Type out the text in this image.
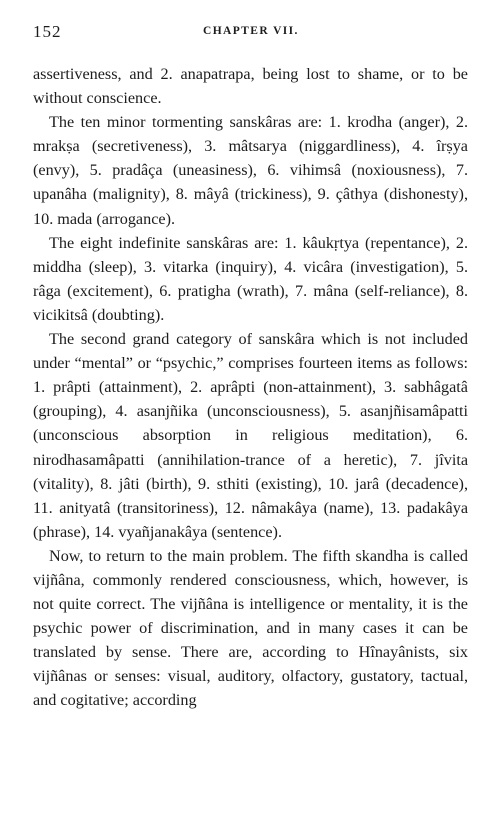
152	CHAPTER VII.

assertiveness, and 2. anapatrapa, being lost to shame, or to be without conscience.

The ten minor tormenting sanskâras are: 1. krodha (anger), 2. mrakṣa (secretiveness), 3. mâtsarya (niggardliness), 4. îrṣya (envy), 5. pradâça (uneasiness), 6. vihimsâ (noxiousness), 7. upanâha (malignity), 8. mâyâ (trickiness), 9. çâthya (dishonesty), 10. mada (arrogance).

The eight indefinite sanskâras are: 1. kâukṛtya (repentance), 2. middha (sleep), 3. vitarka (inquiry), 4. vicâra (investigation), 5. râga (excitement), 6. pratigha (wrath), 7. mâna (self-reliance), 8. vicikitsâ (doubting).

The second grand category of sanskâra which is not included under “mental” or “psychic,” comprises fourteen items as follows: 1. prâpti (attainment), 2. aprâpti (non-attainment), 3. sabhâgatâ (grouping), 4. asanjñika (unconsciousness), 5. asanjñisamâpatti (unconscious absorption in religious meditation), 6. nirodhasamâpatti (annihilation-trance of a heretic), 7. jîvita (vitality), 8. jâti (birth), 9. sthiti (existing), 10. jarâ (decadence), 11. anityatâ (transitoriness), 12. nâmakâya (name), 13. padakâya (phrase), 14. vyañjanakâya (sentence).

Now, to return to the main problem. The fifth skandha is called vijñâna, commonly rendered consciousness, which, however, is not quite correct. The vijñâna is intelligence or mentality, it is the psychic power of discrimination, and in many cases it can be translated by sense. There are, according to Hînayânists, six vijñânas or senses: visual, auditory, olfactory, gustatory, tactual, and cogitative; according
